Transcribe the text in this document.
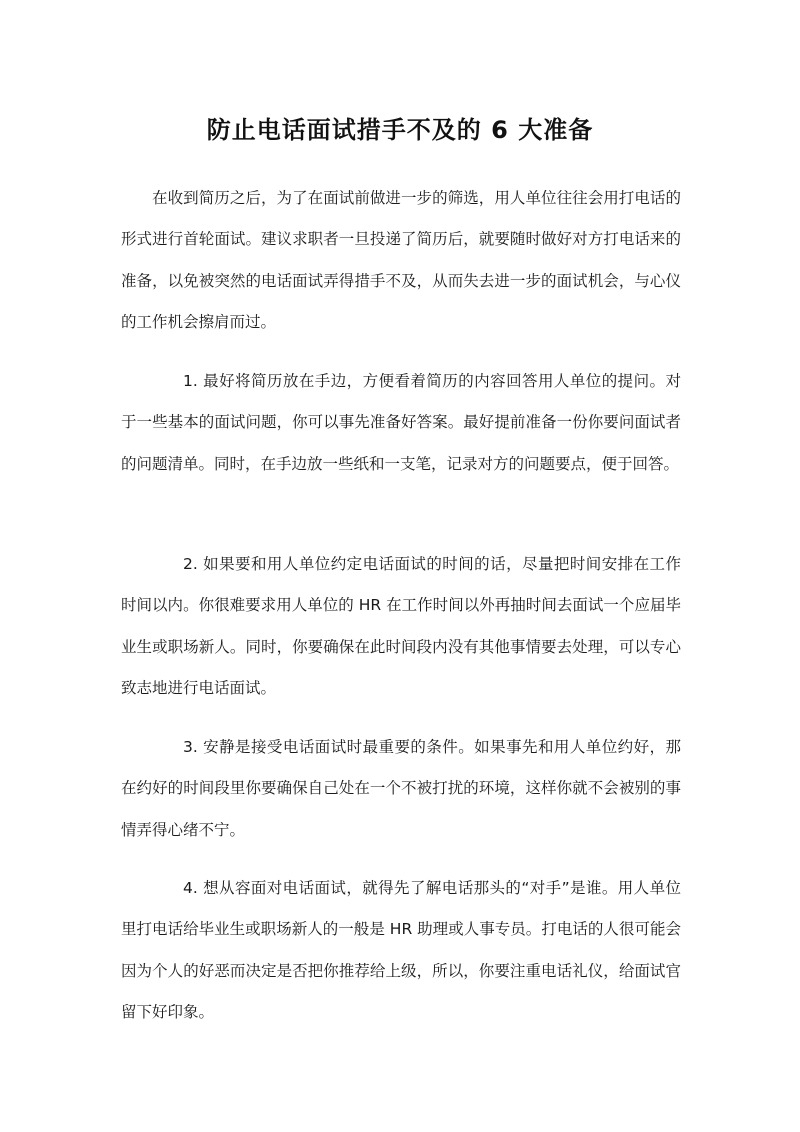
防止电话面试措手不及的 6 大准备
在收到简历之后，为了在面试前做进一步的筛选，用人单位往往会用打电话的形式进行首轮面试。建议求职者一旦投递了简历后，就要随时做好对方打电话来的准备，以免被突然的电话面试弄得措手不及，从而失去进一步的面试机会，与心仪的工作机会擦肩而过。
1. 最好将简历放在手边，方便看着简历的内容回答用人单位的提问。对于一些基本的面试问题，你可以事先准备好答案。最好提前准备一份你要问面试者的问题清单。同时，在手边放一些纸和一支笔，记录对方的问题要点，便于回答。
2. 如果要和用人单位约定电话面试的时间的话，尽量把时间安排在工作时间以内。你很难要求用人单位的 HR 在工作时间以外再抽时间去面试一个应届毕业生或职场新人。同时，你要确保在此时间段内没有其他事情要去处理，可以专心致志地进行电话面试。
3. 安静是接受电话面试时最重要的条件。如果事先和用人单位约好，那在约好的时间段里你要确保自己处在一个不被打扰的环境，这样你就不会被别的事情弄得心绪不宁。
4. 想从容面对电话面试，就得先了解电话那头的“对手”是谁。用人单位里打电话给毕业生或职场新人的一般是 HR 助理或人事专员。打电话的人很可能会因为个人的好恶而决定是否把你推荐给上级，所以，你要注重电话礼仪，给面试官留下好印象。
